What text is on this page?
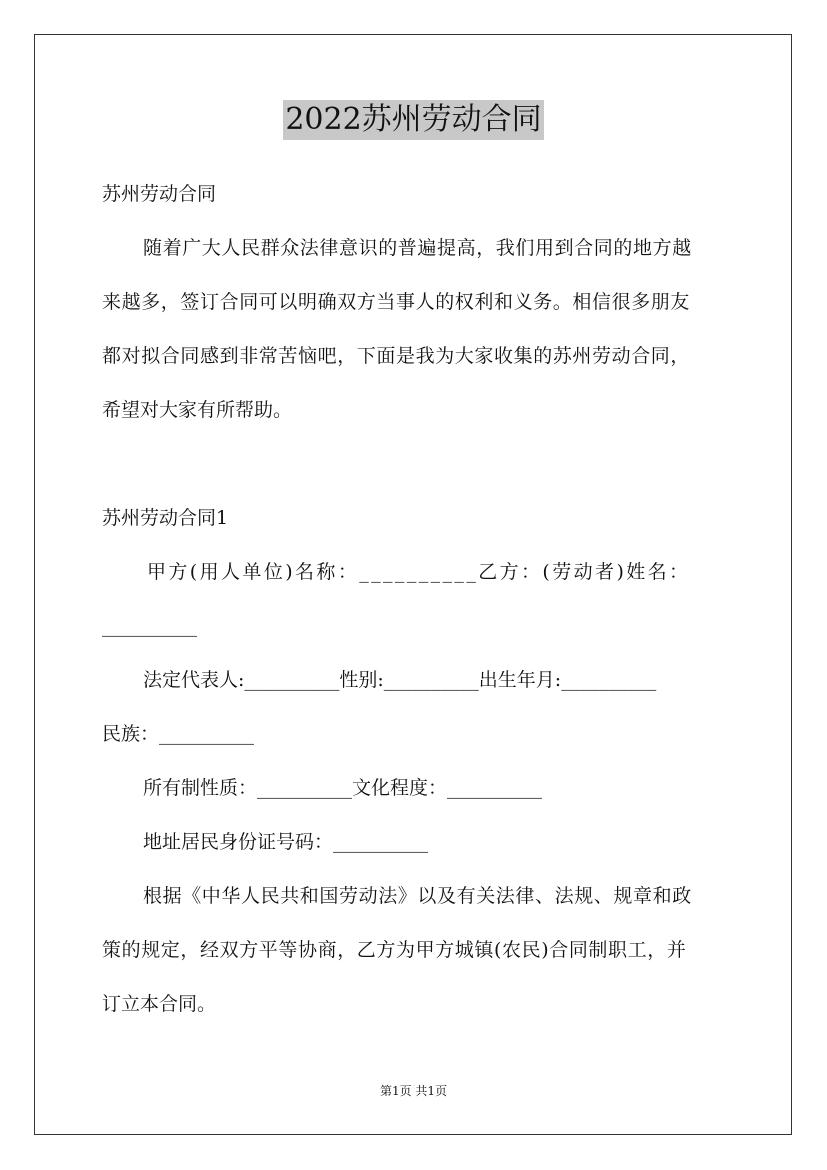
2022苏州劳动合同
苏州劳动合同
随着广大人民群众法律意识的普遍提高，我们用到合同的地方越
来越多，签订合同可以明确双方当事人的权利和义务。相信很多朋友
都对拟合同感到非常苦恼吧，下面是我为大家收集的苏州劳动合同，
希望对大家有所帮助。
苏州劳动合同1
甲方(用人单位)名称：__________乙方：(劳动者)姓名：
__________
法定代表人:__________性别:__________出生年月:__________
民族：__________
所有制性质：__________文化程度：__________
地址居民身份证号码：__________
根据《中华人民共和国劳动法》以及有关法律、法规、规章和政
策的规定，经双方平等协商，乙方为甲方城镇(农民)合同制职工，并
订立本合同。
第1页 共1页
